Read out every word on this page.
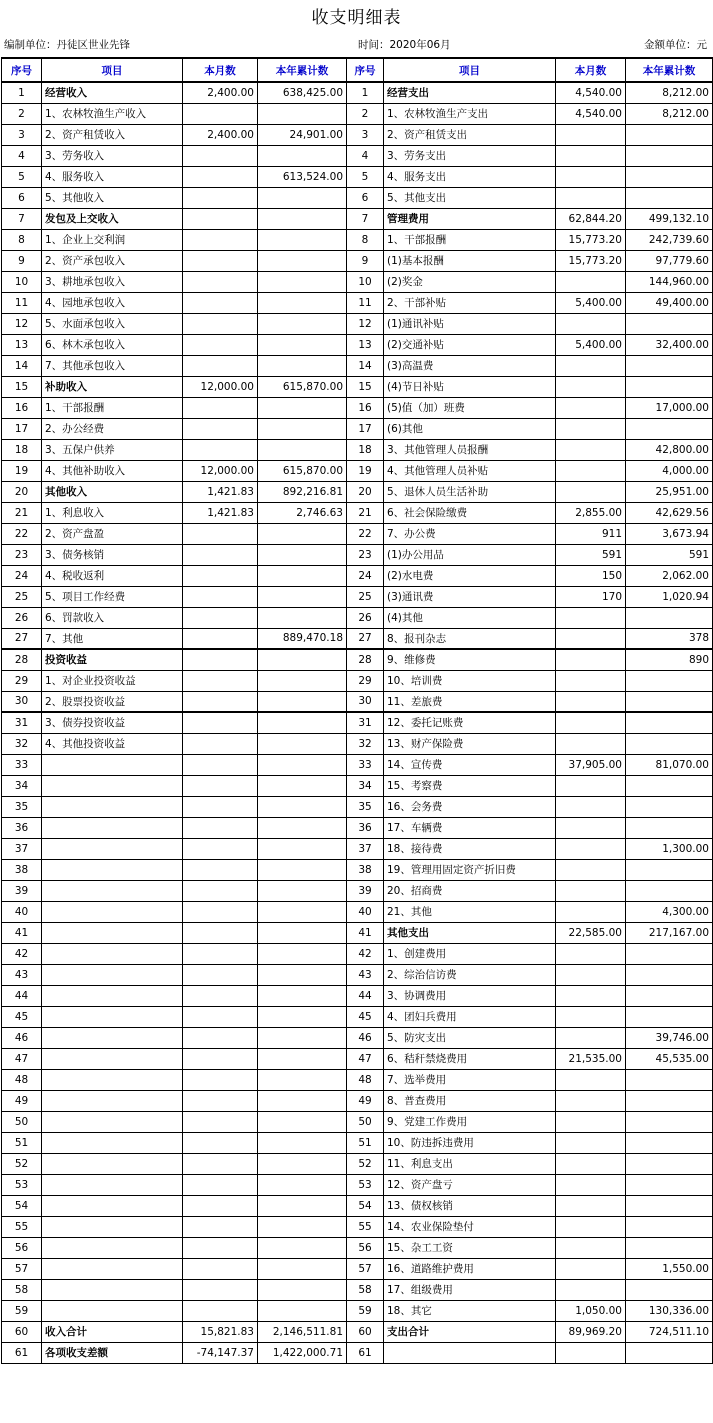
收支明细表
编制单位：丹徒区世业先锋	时间：2020年06月	金额单位：元
序号	项目	本月数	本年累计数	序号	项目	本月数	本年累计数
1	经营收入	2,400.00	638,425.00	1	经营支出	4,540.00	8,212.00
2	1、农林牧渔生产收入			2	1、农林牧渔生产支出	4,540.00	8,212.00
3	2、资产租赁收入	2,400.00	24,901.00	3	2、资产租赁支出		
4	3、劳务收入			4	3、劳务支出		
5	4、服务收入		613,524.00	5	4、服务支出		
6	5、其他收入			6	5、其他支出		
7	发包及上交收入			7	管理费用	62,844.20	499,132.10
8	1、企业上交利润			8	1、干部报酬	15,773.20	242,739.60
9	2、资产承包收入			9	(1)基本报酬	15,773.20	97,779.60
10	3、耕地承包收入			10	(2)奖金		144,960.00
11	4、园地承包收入			11	2、干部补贴	5,400.00	49,400.00
12	5、水面承包收入			12	(1)通讯补贴		
13	6、林木承包收入			13	(2)交通补贴	5,400.00	32,400.00
14	7、其他承包收入			14	(3)高温费		
15	补助收入	12,000.00	615,870.00	15	(4)节日补贴		
16	1、干部报酬			16	(5)值（加）班费		17,000.00
17	2、办公经费			17	(6)其他		
18	3、五保户供养			18	3、其他管理人员报酬		42,800.00
19	4、其他补助收入	12,000.00	615,870.00	19	4、其他管理人员补贴		4,000.00
20	其他收入	1,421.83	892,216.81	20	5、退休人员生活补助		25,951.00
21	1、利息收入	1,421.83	2,746.63	21	6、社会保险缴费	2,855.00	42,629.56
22	2、资产盘盈			22	7、办公费	911	3,673.94
23	3、债务核销			23	(1)办公用品	591	591
24	4、税收返利			24	(2)水电费	150	2,062.00
25	5、项目工作经费			25	(3)通讯费	170	1,020.94
26	6、罚款收入			26	(4)其他		
27	7、其他		889,470.18	27	8、报刊杂志		378
28	投资收益			28	9、维修费		890
29	1、对企业投资收益			29	10、培训费		
30	2、股票投资收益			30	11、差旅费		
31	3、债券投资收益			31	12、委托记账费		
32	4、其他投资收益			32	13、财产保险费		
33				33	14、宣传费	37,905.00	81,070.00
34				34	15、考察费		
35				35	16、会务费		
36				36	17、车辆费		
37				37	18、接待费		1,300.00
38				38	19、管理用固定资产折旧费		
39				39	20、招商费		
40				40	21、其他		4,300.00
41				41	其他支出	22,585.00	217,167.00
42				42	1、创建费用		
43				43	2、综治信访费		
44				44	3、协调费用		
45				45	4、团妇兵费用		
46				46	5、防灾支出		39,746.00
47				47	6、秸秆禁烧费用	21,535.00	45,535.00
48				48	7、选举费用		
49				49	8、普查费用		
50				50	9、党建工作费用		
51				51	10、防违拆违费用		
52				52	11、利息支出		
53				53	12、资产盘亏		
54				54	13、债权核销		
55				55	14、农业保险垫付		
56				56	15、杂工工资		
57				57	16、道路维护费用		1,550.00
58				58	17、组级费用		
59				59	18、其它	1,050.00	130,336.00
60	收入合计	15,821.83	2,146,511.81	60	支出合计	89,969.20	724,511.10
61	各项收支差额	-74,147.37	1,422,000.71	61			
